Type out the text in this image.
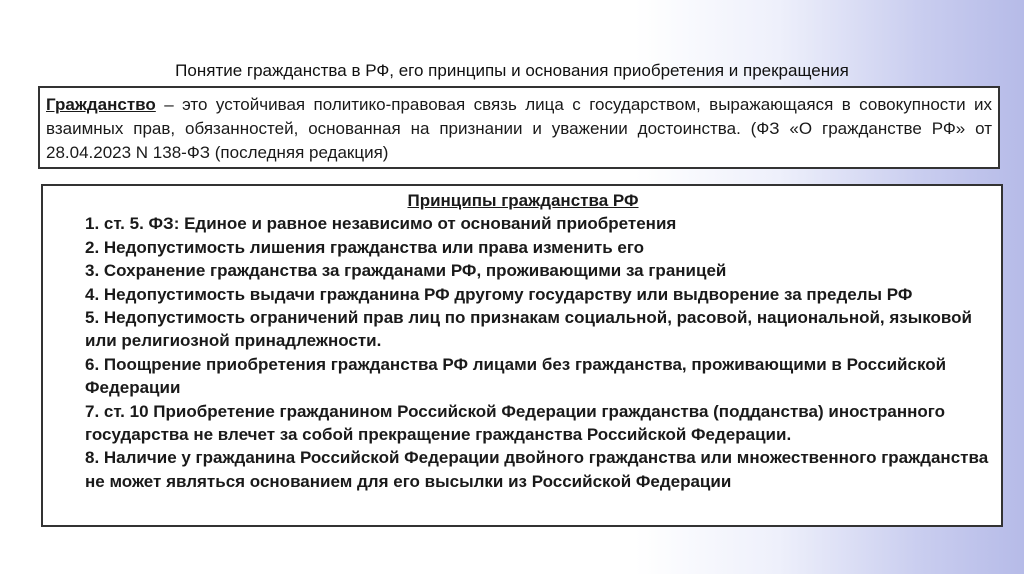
Понятие гражданства в РФ, его принципы и основания приобретения и прекращения
Гражданство – это устойчивая политико-правовая связь лица с государством, выражающаяся в совокупности их взаимных прав, обязанностей, основанная на признании и уважении достоинства. (ФЗ «О гражданстве РФ» от 28.04.2023 N 138-ФЗ (последняя редакция)
Принципы гражданства РФ
1. ст. 5. ФЗ: Единое и равное независимо от оснований приобретения
2. Недопустимость лишения гражданства или права изменить его
3. Сохранение гражданства за гражданами РФ, проживающими за границей
4. Недопустимость выдачи гражданина РФ другому государству или выдворение за пределы РФ
5. Недопустимость ограничений прав лиц по признакам социальной, расовой, национальной, языковой или религиозной принадлежности.
6. Поощрение приобретения гражданства РФ лицами без гражданства, проживающими в Российской Федерации
7. ст. 10 Приобретение гражданином Российской Федерации гражданства (подданства) иностранного государства не влечет за собой прекращение гражданства Российской Федерации.
8. Наличие у гражданина Российской Федерации двойного гражданства или множественного гражданства не может являться основанием для его высылки из Российской Федерации
